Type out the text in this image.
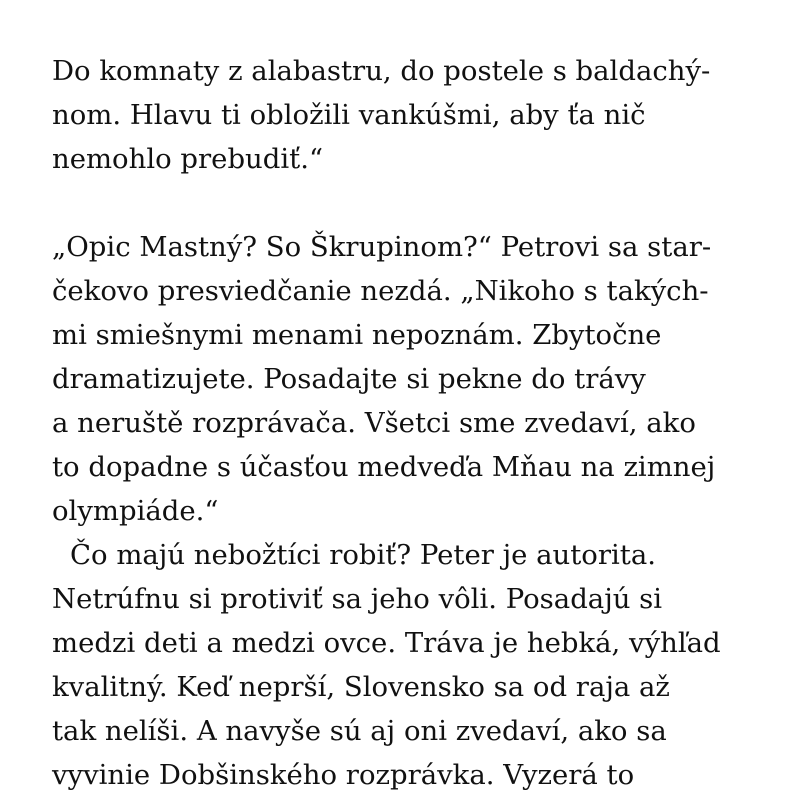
Do komnaty z alabastru, do postele s baldachý-
nom. Hlavu ti obložili vankúšmi, aby ťa nič
nemohlo prebudiť.“
„Opic Mastný? So Škrupinom?“ Petrovi sa star-
čekovo presviedčanie nezdá. „Nikoho s takých-
mi smiešnymi menami nepoznám. Zbytočne
dramatizujete. Posadajte si pekne do trávy
a neruště rozprávača. Všetci sme zvedaví, ako
to dopadne s účasťou medveďa Mňau na zimnej
olympiáde.“
Čo majú nebožtíci robiť? Peter je autorita.
Netrúfnu si protiviť sa jeho vôli. Posadajú si
medzi deti a medzi ovce. Tráva je hebká, výhľad
kvalitný. Keď neprší, Slovensko sa od raja až
tak nelíši. A navyše sú aj oni zvedaví, ako sa
vyvinie Dobšinského rozprávka. Vyzerá to
